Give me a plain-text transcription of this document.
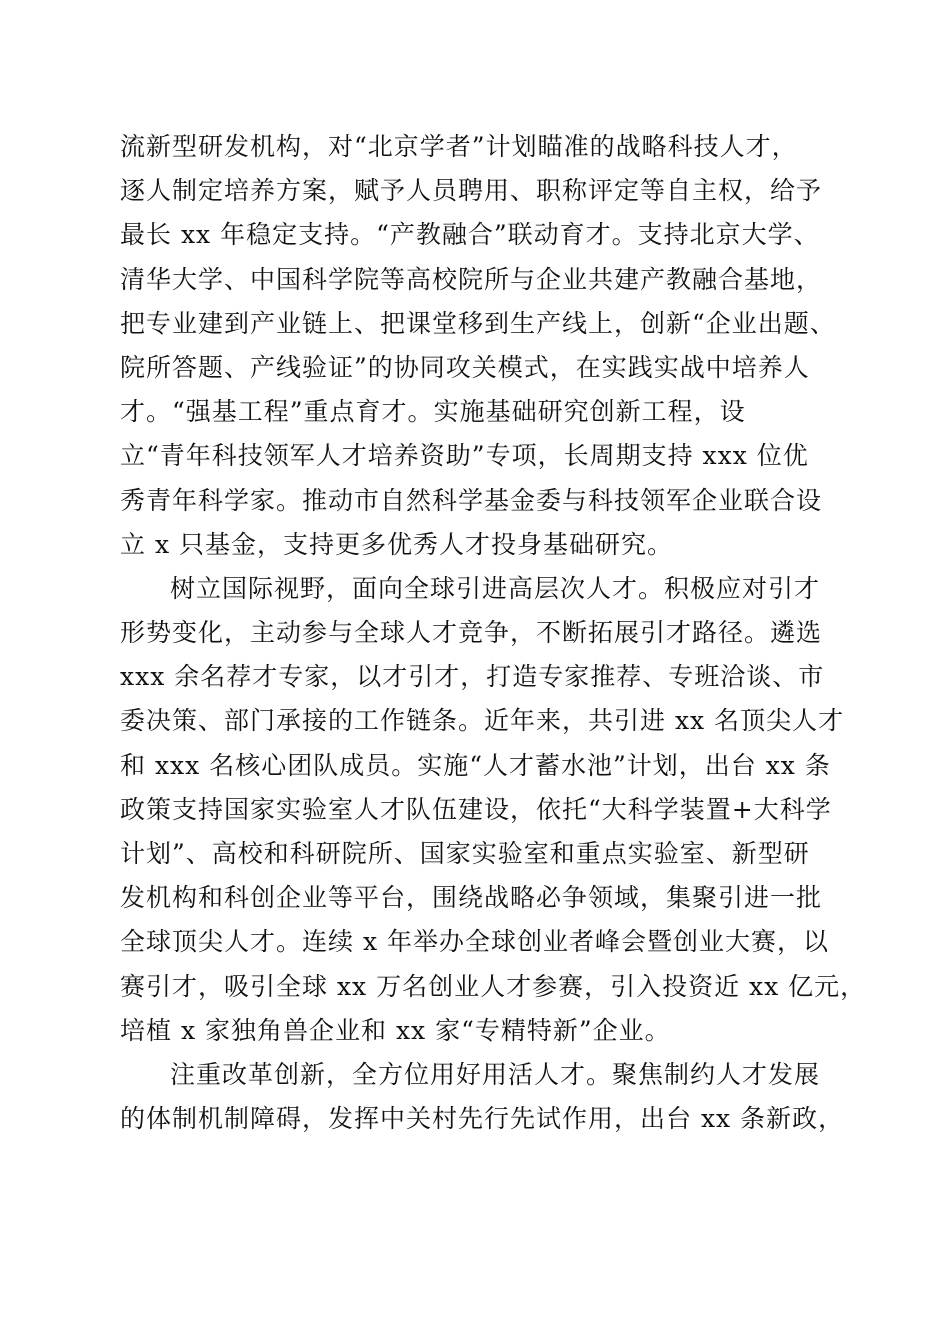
流新型研发机构，对“北京学者”计划瞄准的战略科技人才，
逐人制定培养方案，赋予人员聘用、职称评定等自主权，给予
最长 xx 年稳定支持。“产教融合”联动育才。支持北京大学、
清华大学、中国科学院等高校院所与企业共建产教融合基地，
把专业建到产业链上、把课堂移到生产线上，创新“企业出题、
院所答题、产线验证”的协同攻关模式，在实践实战中培养人
才。“强基工程”重点育才。实施基础研究创新工程，设
立“青年科技领军人才培养资助”专项，长周期支持 xxx 位优
秀青年科学家。推动市自然科学基金委与科技领军企业联合设
立 x 只基金，支持更多优秀人才投身基础研究。
树立国际视野，面向全球引进高层次人才。积极应对引才
形势变化，主动参与全球人才竞争，不断拓展引才路径。遴选
xxx 余名荐才专家，以才引才，打造专家推荐、专班洽谈、市
委决策、部门承接的工作链条。近年来，共引进 xx 名顶尖人才
和 xxx 名核心团队成员。实施“人才蓄水池”计划，出台 xx 条
政策支持国家实验室人才队伍建设，依托“大科学装置+大科学
计划”、高校和科研院所、国家实验室和重点实验室、新型研
发机构和科创企业等平台，围绕战略必争领域，集聚引进一批
全球顶尖人才。连续 x 年举办全球创业者峰会暨创业大赛，以
赛引才，吸引全球 xx 万名创业人才参赛，引入投资近 xx 亿元，
培植 x 家独角兽企业和 xx 家“专精特新”企业。
注重改革创新，全方位用好用活人才。聚焦制约人才发展
的体制机制障碍，发挥中关村先行先试作用，出台 xx 条新政，
